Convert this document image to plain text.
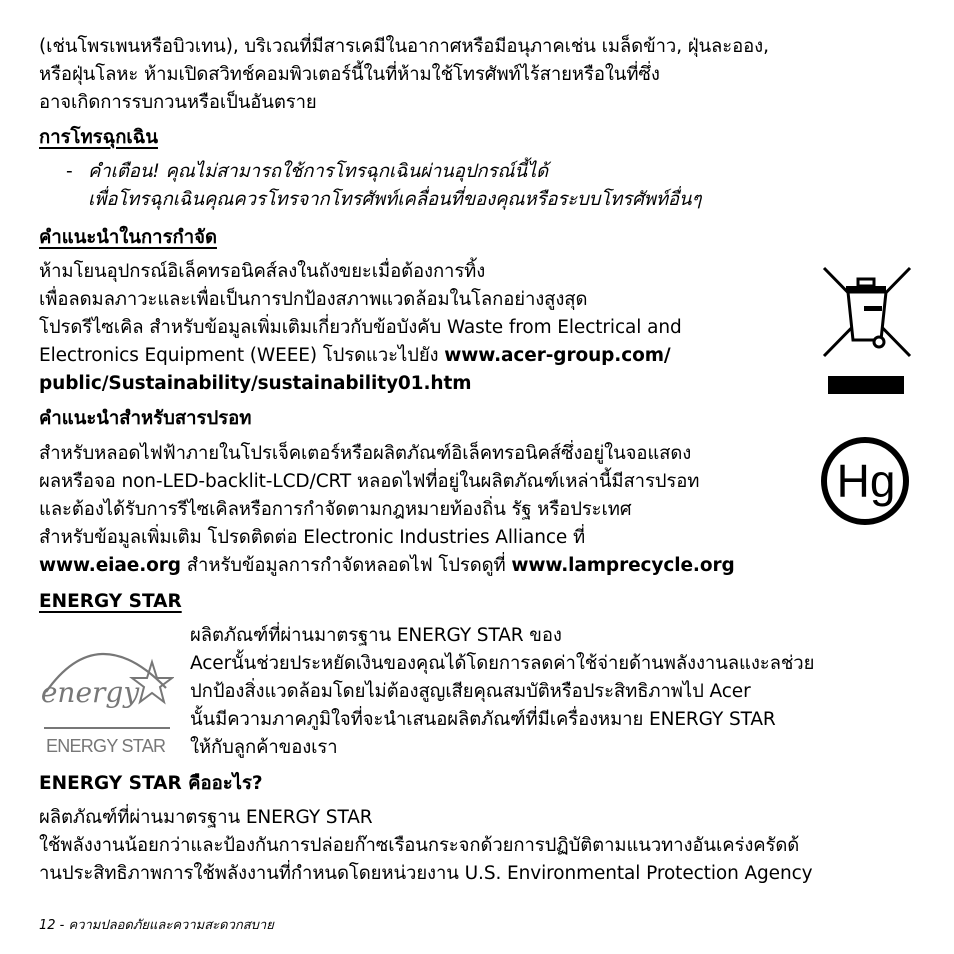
(เช่นโพรเพนหรือบิวเทน), บริเวณที่มีสารเคมีในอากาศหรือมีอนุภาคเช่น เมล็ดข้าว, ฝุ่นละออง,
หรือฝุ่นโลหะ ห้ามเปิดสวิทช์คอมพิวเตอร์นี้ในที่ห้ามใช้โทรศัพท์ไร้สายหรือในที่ซึ่ง
อาจเกิดการรบกวนหรือเป็นอันตราย
การโทรฉุกเฉิน
- คำเตือน! คุณไม่สามารถใช้การโทรฉุกเฉินผ่านอุปกรณ์นี้ได้
เพื่อโทรฉุกเฉินคุณควรโทรจากโทรศัพท์เคลื่อนที่ของคุณหรือระบบโทรศัพท์อื่นๆ
คำแนะนำในการกำจัด
ห้ามโยนอุปกรณ์อิเล็คทรอนิคส์ลงในถังขยะเมื่อต้องการทิ้ง
เพื่อลดมลภาวะและเพื่อเป็นการปกป้องสภาพแวดล้อมในโลกอย่างสูงสุด
โปรดรีไซเคิล สำหรับข้อมูลเพิ่มเติมเกี่ยวกับข้อบังคับ Waste from Electrical and
Electronics Equipment (WEEE) โปรดแวะไปยัง www.acer-group.com/
public/Sustainability/sustainability01.htm
คำแนะนำสำหรับสารปรอท
สำหรับหลอดไฟฟ้าภายในโปรเจ็คเตอร์หรือผลิตภัณฑ์อิเล็คทรอนิคส์ซึ่งอยู่ในจอแสดง
ผลหรือจอ non-LED-backlit-LCD/CRT หลอดไฟที่อยู่ในผลิตภัณฑ์เหล่านี้มีสารปรอท
และต้องได้รับการรีไซเคิลหรือการกำจัดตามกฎหมายท้องถิ่น รัฐ หรือประเทศ
สำหรับข้อมูลเพิ่มเติม โปรดติดต่อ Electronic Industries Alliance ที่
www.eiae.org สำหรับข้อมูลการกำจัดหลอดไฟ โปรดดูที่ www.lamprecycle.org
Hg
ENERGY STAR
energy
ENERGY STAR
ผลิตภัณฑ์ที่ผ่านมาตรฐาน ENERGY STAR ของ
Acerนั้นช่วยประหยัดเงินของคุณได้โดยการลดค่าใช้จ่ายด้านพลังงานลแงะลช่วย
ปกป้องสิ่งแวดล้อมโดยไม่ต้องสูญเสียคุณสมบัติหรือประสิทธิภาพไป Acer
นั้นมีความภาคภูมิใจที่จะนำเสนอผลิตภัณฑ์ที่มีเครื่องหมาย ENERGY STAR
ให้กับลูกค้าของเรา
ENERGY STAR คืออะไร?
ผลิตภัณฑ์ที่ผ่านมาตรฐาน ENERGY STAR
ใช้พลังงานน้อยกว่าและป้องกันการปล่อยก๊าซเรือนกระจกด้วยการปฏิบัติตามแนวทางอันเคร่งครัดด้
านประสิทธิภาพการใช้พลังงานที่กำหนดโดยหน่วยงาน U.S. Environmental Protection Agency
12 - ความปลอดภัยและความสะดวกสบาย
